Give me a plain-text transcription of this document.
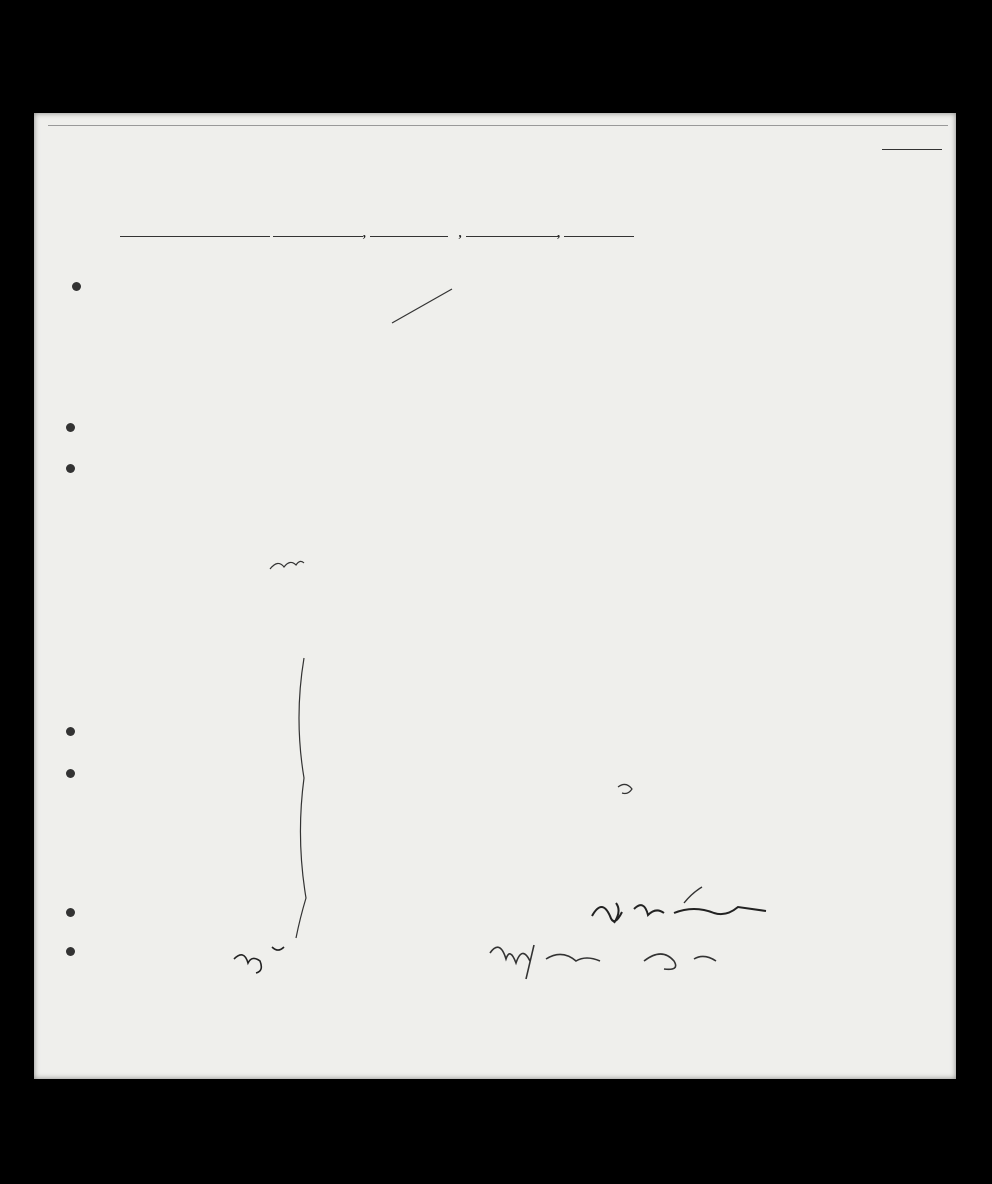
,	,	,
